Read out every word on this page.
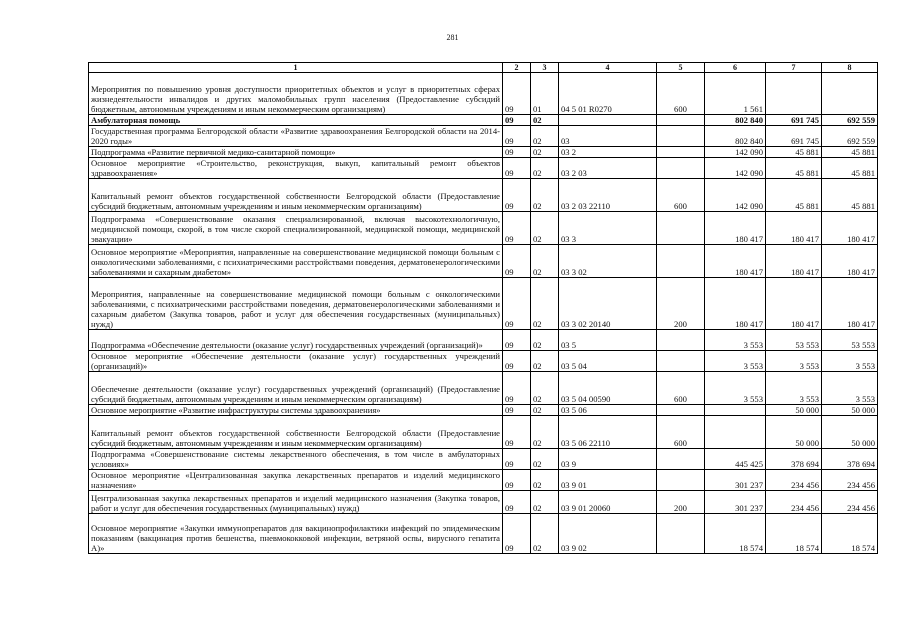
281
1	2	3	4	5	6	7	8
Мероприятия по повышению уровня доступности приоритетных объектов и услуг в приоритетных сферах жизнедеятельности инвалидов и других маломобильных групп населения (Предоставление субсидий бюджетным, автономным учреждениям и иным некоммерческим организациям)	09	01	04 5 01 R0270	600	1 561		
Амбулаторная помощь	09	02			802 840	691 745	692 559
Государственная программа Белгородской области «Развитие здравоохранения Белгородской области на 2014-2020 годы»	09	02	03		802 840	691 745	692 559
Подпрограмма «Развитие первичной медико-санитарной помощи»	09	02	03 2		142 090	45 881	45 881
Основное мероприятие «Строительство, реконструкция, выкуп, капитальный ремонт объектов здравоохранения»	09	02	03 2 03		142 090	45 881	45 881
Капитальный ремонт объектов государственной собственности Белгородской области (Предоставление субсидий бюджетным, автономным учреждениям и иным некоммерческим организациям)	09	02	03 2 03 22110	600	142 090	45 881	45 881
Подпрограмма «Совершенствование оказания специализированной, включая высокотехнологичную, медицинской помощи, скорой, в том числе скорой специализированной, медицинской помощи, медицинской эвакуации»	09	02	03 3		180 417	180 417	180 417
Основное мероприятие «Мероприятия, направленные на совершенствование медицинской помощи больным с онкологическими заболеваниями, с психиатрическими расстройствами поведения, дерматовенерологическими заболеваниями и сахарным диабетом»	09	02	03 3 02		180 417	180 417	180 417
Мероприятия, направленные на совершенствование медицинской помощи больным с онкологическими заболеваниями, с психиатрическими расстройствами поведения, дерматовенерологическими заболеваниями и сахарным диабетом (Закупка товаров, работ и услуг для обеспечения государственных (муниципальных) нужд)	09	02	03 3 02 20140	200	180 417	180 417	180 417
Подпрограмма «Обеспечение деятельности (оказание услуг) государственных учреждений (организаций)»	09	02	03 5		3 553	53 553	53 553
Основное мероприятие «Обеспечение деятельности (оказание услуг) государственных учреждений (организаций)»	09	02	03 5 04		3 553	3 553	3 553
Обеспечение деятельности (оказание услуг) государственных учреждений (организаций) (Предоставление субсидий бюджетным, автономным учреждениям и иным некоммерческим организациям)	09	02	03 5 04 00590	600	3 553	3 553	3 553
Основное мероприятие «Развитие инфраструктуры системы здравоохранения»	09	02	03 5 06			50 000	50 000
Капитальный ремонт объектов государственной собственности Белгородской области (Предоставление субсидий бюджетным, автономным учреждениям и иным некоммерческим организациям)	09	02	03 5 06 22110	600		50 000	50 000
Подпрограмма «Совершенствование системы лекарственного обеспечения, в том числе в амбулаторных условиях»	09	02	03 9		445 425	378 694	378 694
Основное мероприятие «Централизованная закупка лекарственных препаратов и изделий медицинского назначения»	09	02	03 9 01		301 237	234 456	234 456
Централизованная закупка лекарственных препаратов и изделий медицинского назначения (Закупка товаров, работ и услуг для обеспечения государственных (муниципальных) нужд)	09	02	03 9 01 20060	200	301 237	234 456	234 456
Основное мероприятие «Закупки иммунопрепаратов для вакцинопрофилактики инфекций по эпидемическим показаниям (вакцинация против бешенства, пневмококковой инфекции, ветряной оспы, вирусного гепатита А)»	09	02	03 9 02		18 574	18 574	18 574
